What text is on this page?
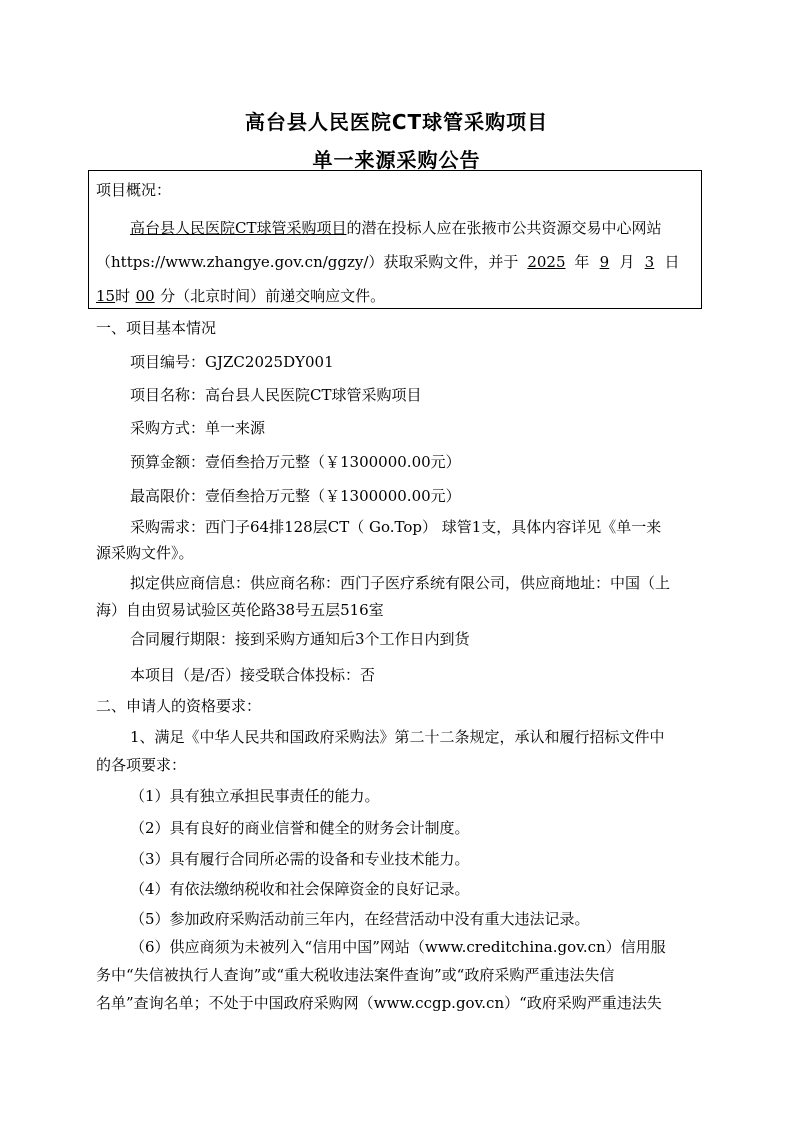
高台县人民医院CT球管采购项目
单一来源采购公告
项目概况：
高台县人民医院CT球管采购项目的潜在投标人应在张掖市公共资源交易中心网站
（https://www.zhangye.gov.cn/ggzy/）获取采购文件，并于 2025 年 9 月 3 日
15时 00 分（北京时间）前递交响应文件。
一、项目基本情况
项目编号：GJZC2025DY001
项目名称：高台县人民医院CT球管采购项目
采购方式：单一来源
预算金额：壹佰叁拾万元整（￥1300000.00元）
最高限价：壹佰叁拾万元整（￥1300000.00元）
采购需求：西门子64排128层CT（ Go.Top） 球管1支，具体内容详见《单一来
源采购文件》。
拟定供应商信息：供应商名称：西门子医疗系统有限公司，供应商地址：中国（上
海）自由贸易试验区英伦路38号五层516室
合同履行期限：接到采购方通知后3个工作日内到货
本项目（是/否）接受联合体投标：否
二、申请人的资格要求：
1、满足《中华人民共和国政府采购法》第二十二条规定，承认和履行招标文件中
的各项要求：
（1）具有独立承担民事责任的能力。
（2）具有良好的商业信誉和健全的财务会计制度。
（3）具有履行合同所必需的设备和专业技术能力。
（4）有依法缴纳税收和社会保障资金的良好记录。
（5）参加政府采购活动前三年内，在经营活动中没有重大违法记录。
（6）供应商须为未被列入“信用中国”网站（www.creditchina.gov.cn）信用服
务中“失信被执行人查询”或“重大税收违法案件查询”或“政府采购严重违法失信
名单”查询名单；不处于中国政府采购网（www.ccgp.gov.cn）“政府采购严重违法失
